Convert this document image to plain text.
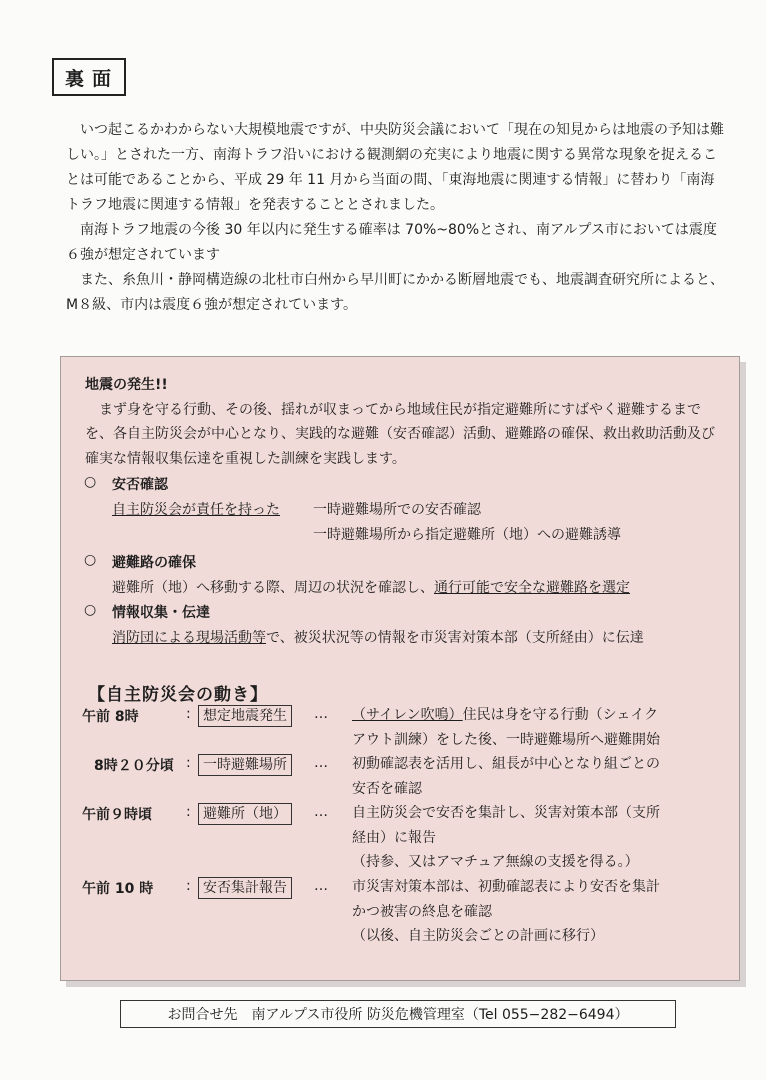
裏面

いつ起こるかわからない大規模地震ですが、中央防災会議において「現在の知見からは地震の予知は難しい。」とされた一方、南海トラフ沿いにおける観測網の充実により地震に関する異常な現象を捉えることは可能であることから、平成 29 年 11 月から当面の間、「東海地震に関連する情報」に替わり「南海トラフ地震に関連する情報」を発表することとされました。

南海トラフ地震の今後 30 年以内に発生する確率は 70%~80%とされ、南アルプス市においては震度６強が想定されています

また、糸魚川・静岡構造線の北杜市白州から早川町にかかる断層地震でも、地震調査研究所によると、M８級、市内は震度６強が想定されています。

地震の発生!!
まず身を守る行動、その後、揺れが収まってから地域住民が指定避難所にすばやく避難するまでを、各自主防災会が中心となり、実践的な避難（安否確認）活動、避難路の確保、救出救助活動及び確実な情報収集伝達を重視した訓練を実践します。
○ 安否確認
自主防災会が責任を持った 一時避難場所での安否確認
一時避難場所から指定避難所（地）への避難誘導
○ 避難路の確保
避難所（地）へ移動する際、周辺の状況を確認し、通行可能で安全な避難路を選定
○ 情報収集・伝達
消防団による現場活動等で、被災状況等の情報を市災害対策本部（支所経由）に伝達
【自主防災会の動き】
午前 8時	: 想定地震発生	… （サイレン吹鳴）住民は身を守る行動（シェイク
アウト訓練）をした後、一時避難場所へ避難開始
8時２０分頃 : 一時避難場所	… 初動確認表を活用し、組長が中心となり組ごとの
安否を確認
午前９時頃 : 避難所（地）	… 自主防災会で安否を集計し、災害対策本部（支所
経由）に報告
（持参、又はアマチュア無線の支援を得る。）
午前 10 時 : 安否集計報告	… 市災害対策本部は、初動確認表により安否を集計
かつ被害の終息を確認
（以後、自主防災会ごとの計画に移行）
お問合せ先　南アルプス市役所 防災危機管理室（Tel 055−282−6494）
